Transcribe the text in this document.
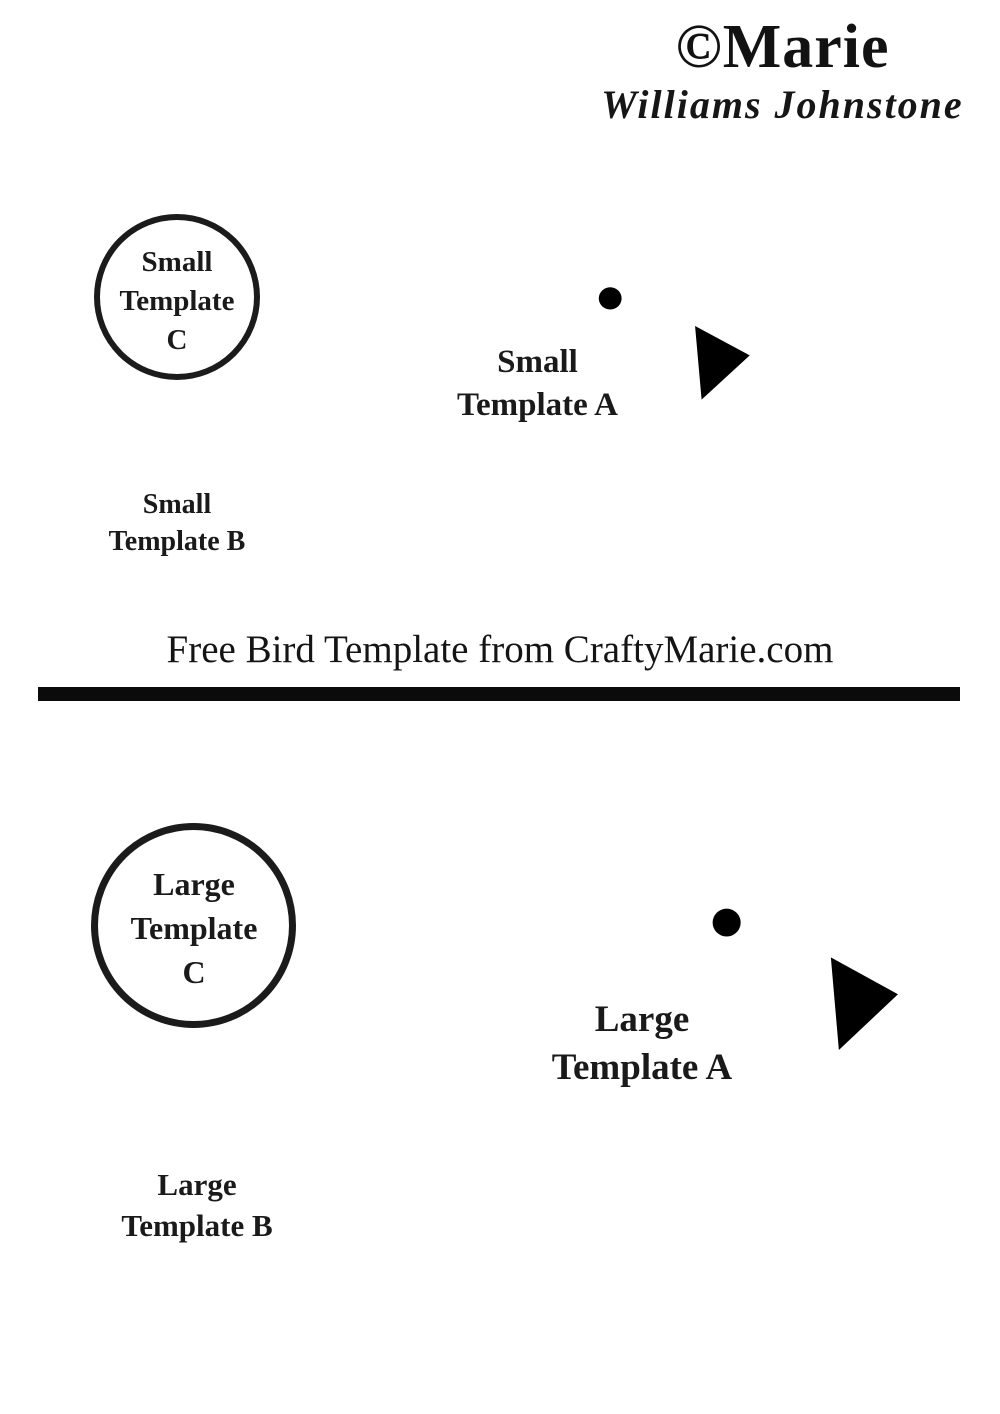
©Marie
Williams Johnstone
Small
Template
C
Small
Template B
Small
Template A
Free Bird Template from CraftyMarie.com
Large
Template
C
Large
Template A
Large
Template B
